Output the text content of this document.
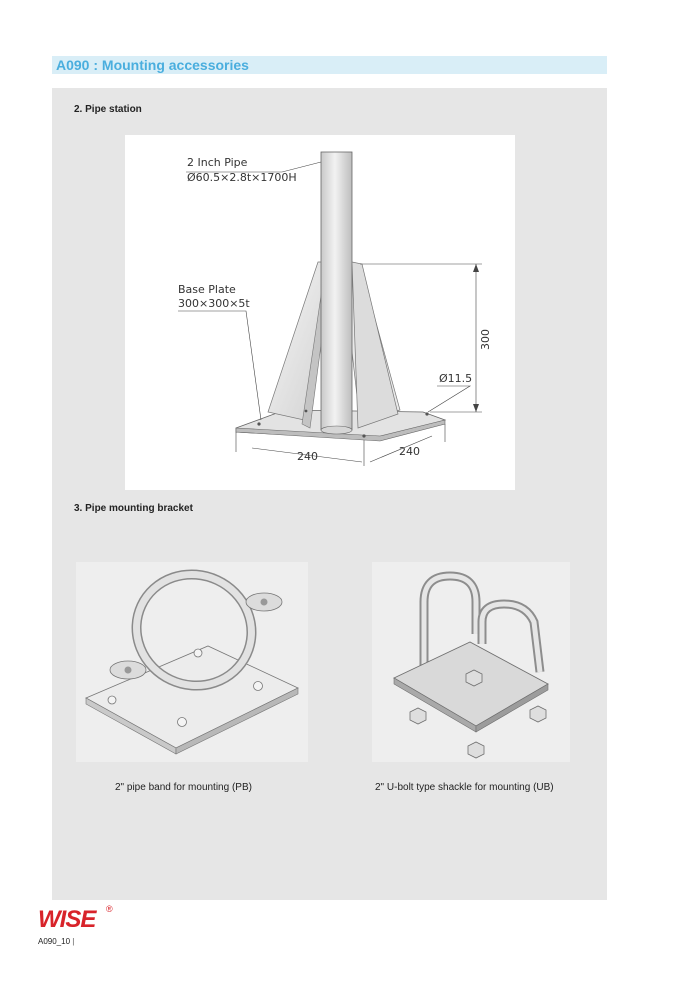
A090 : Mounting accessories
2. Pipe station
2 Inch Pipe
Ø60.5×2.8t×1700H
Base Plate
300×300×5t
300
Ø11.5
240	240
3. Pipe mounting bracket
2" pipe band for mounting (PB)	2" U-bolt type shackle for mounting (UB)
WISE ®
A090_10 |
